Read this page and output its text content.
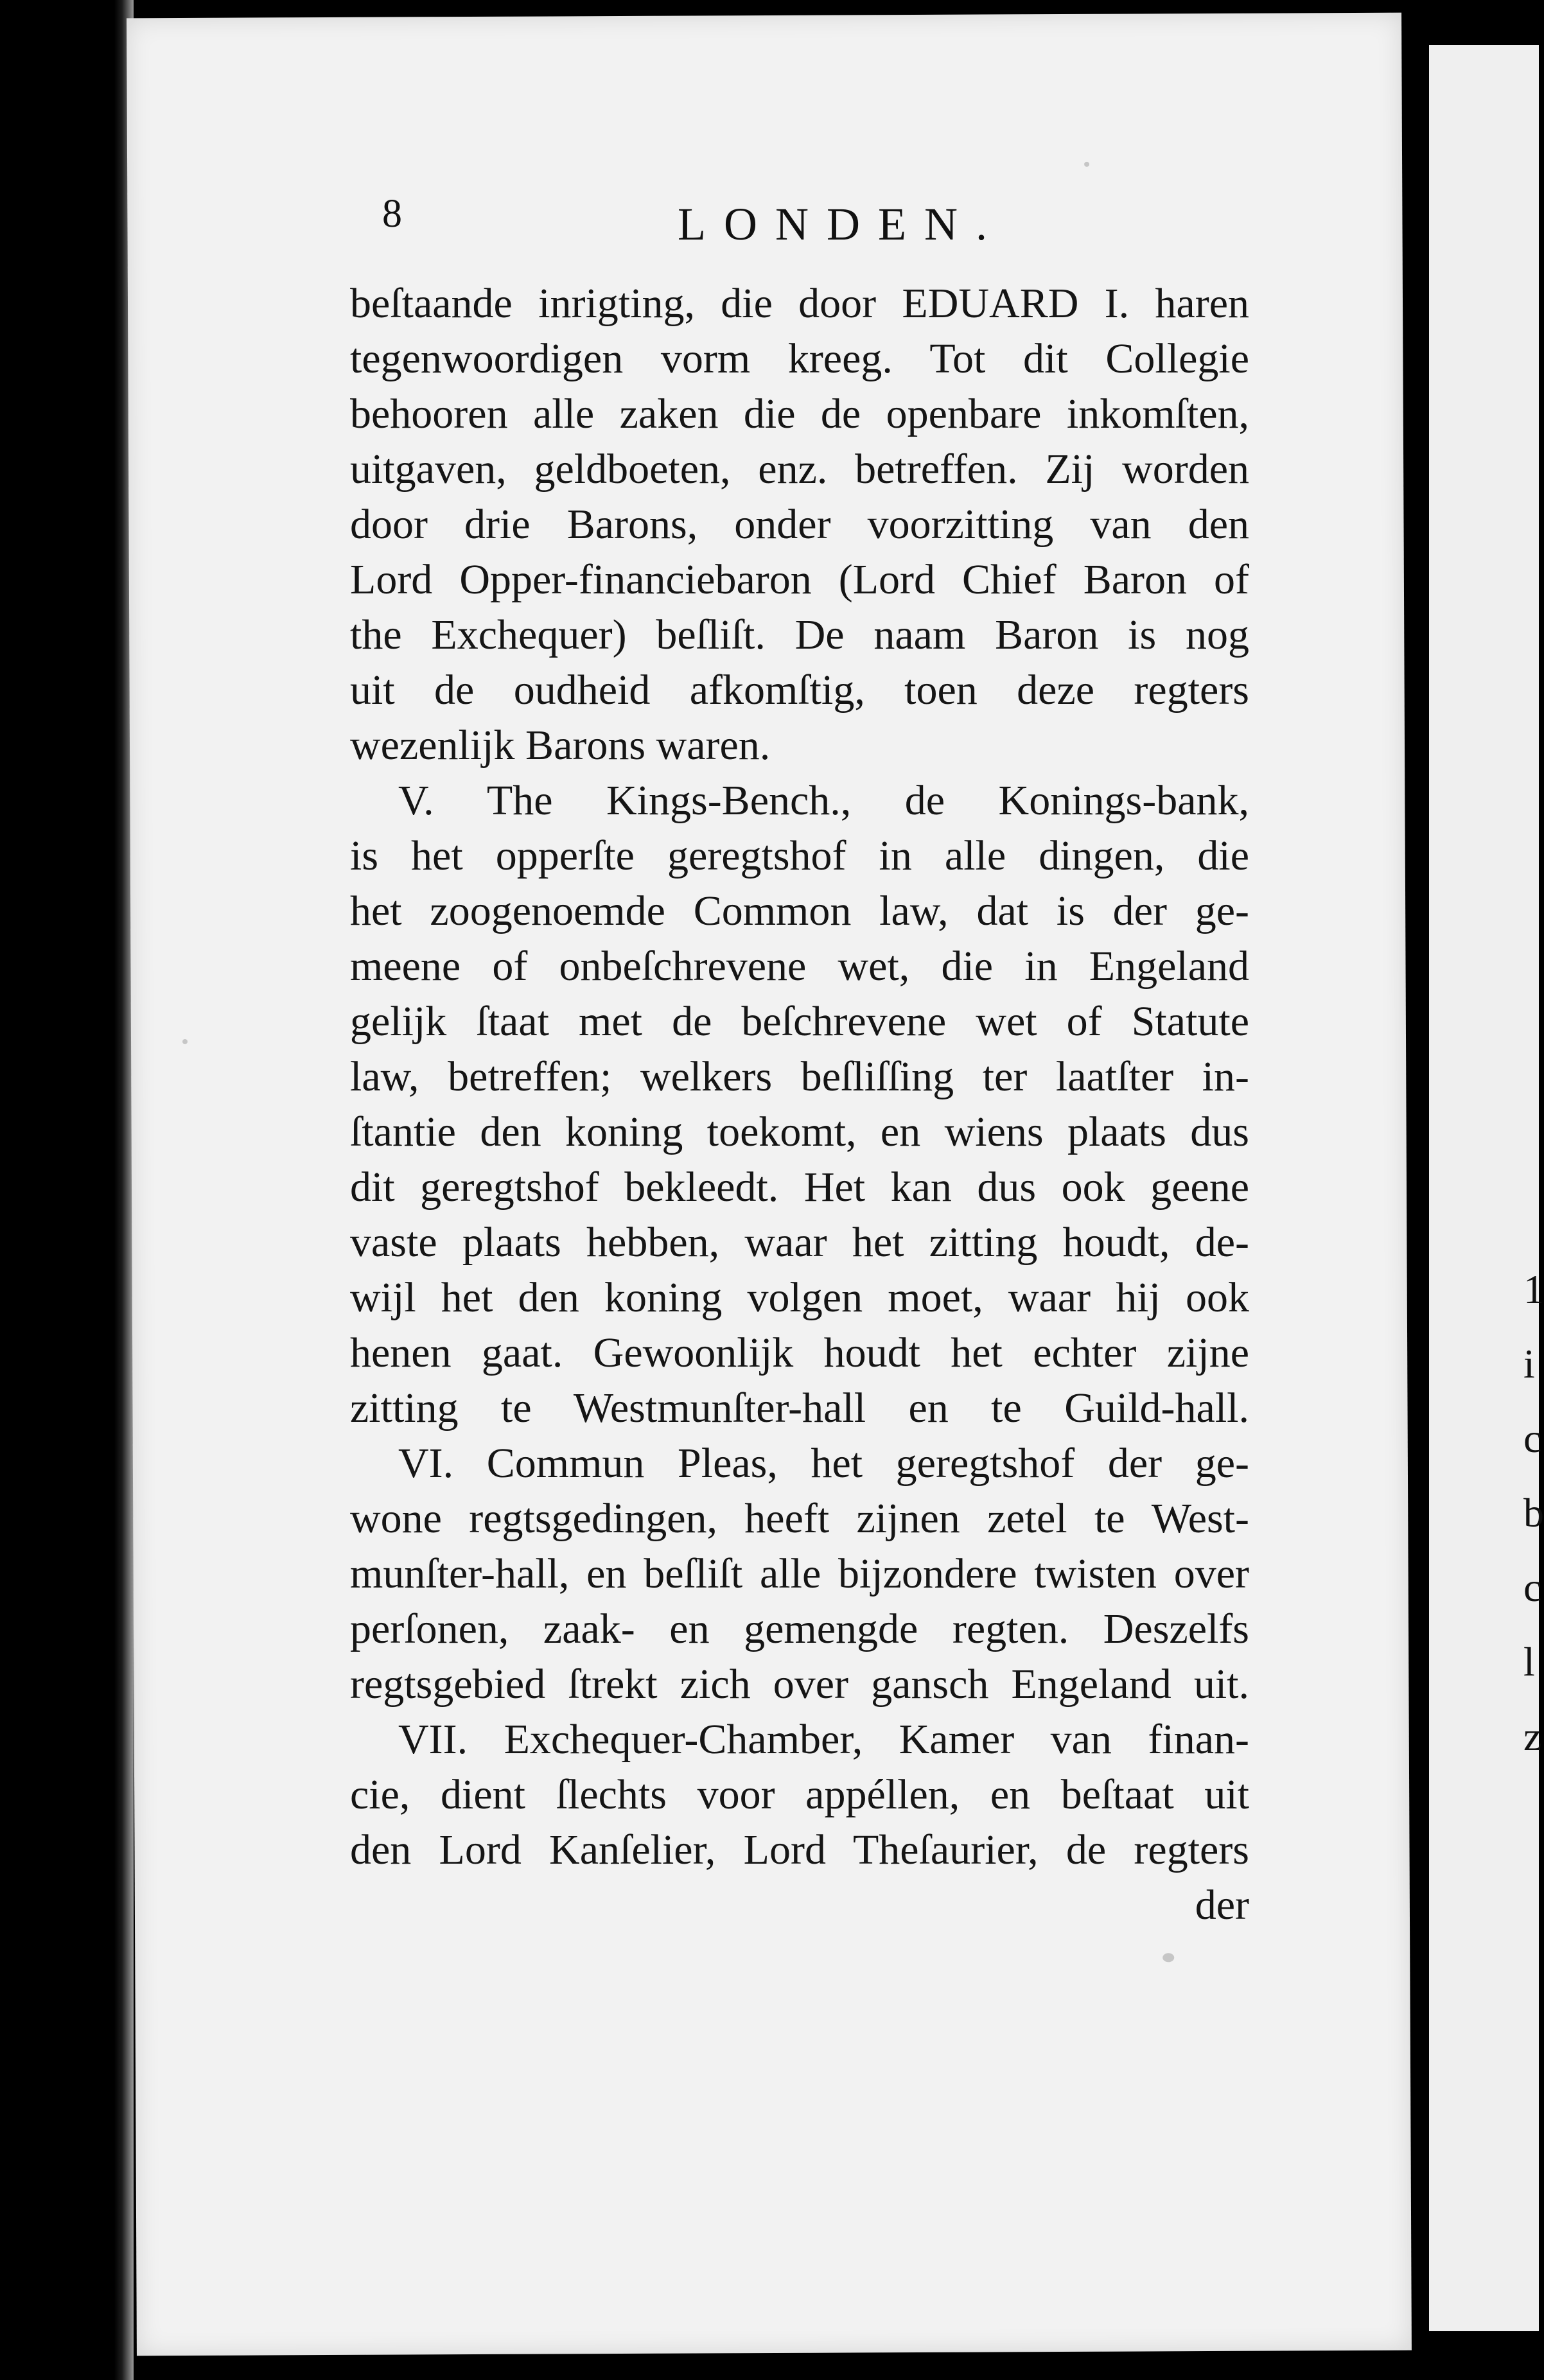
1
i
c
b
c
l
z
8	LONDEN.
beſtaande inrigting, die door EDUARD I. haren
tegenwoordigen vorm kreeg. Tot dit Collegie
behooren alle zaken die de openbare inkomſten,
uitgaven, geldboeten, enz. betreffen. Zij worden
door drie Barons, onder voorzitting van den
Lord Opper-financiebaron (Lord Chief Baron of
the Exchequer) beſliſt. De naam Baron is nog
uit de oudheid afkomſtig, toen deze regters
wezenlijk Barons waren.
V. The Kings-Bench., de Konings-bank,
is het opperſte geregtshof in alle dingen, die
het zoogenoemde Common law, dat is der ge-
meene of onbeſchrevene wet, die in Engeland
gelijk ſtaat met de beſchrevene wet of Statute
law, betreffen; welkers beſliſſing ter laatſter in-
ſtantie den koning toekomt, en wiens plaats dus
dit geregtshof bekleedt. Het kan dus ook geene
vaste plaats hebben, waar het zitting houdt, de-
wijl het den koning volgen moet, waar hij ook
henen gaat. Gewoonlijk houdt het echter zijne
zitting te Westmunſter-hall en te Guild-hall.
VI. Commun Pleas, het geregtshof der ge-
wone regtsgedingen, heeft zijnen zetel te West-
munſter-hall, en beſliſt alle bijzondere twisten over
perſonen, zaak- en gemengde regten. Deszelfs
regtsgebied ſtrekt zich over gansch Engeland uit.
VII. Exchequer-Chamber, Kamer van finan-
cie, dient ſlechts voor appéllen, en beſtaat uit
den Lord Kanſelier, Lord Theſaurier, de regters
der
